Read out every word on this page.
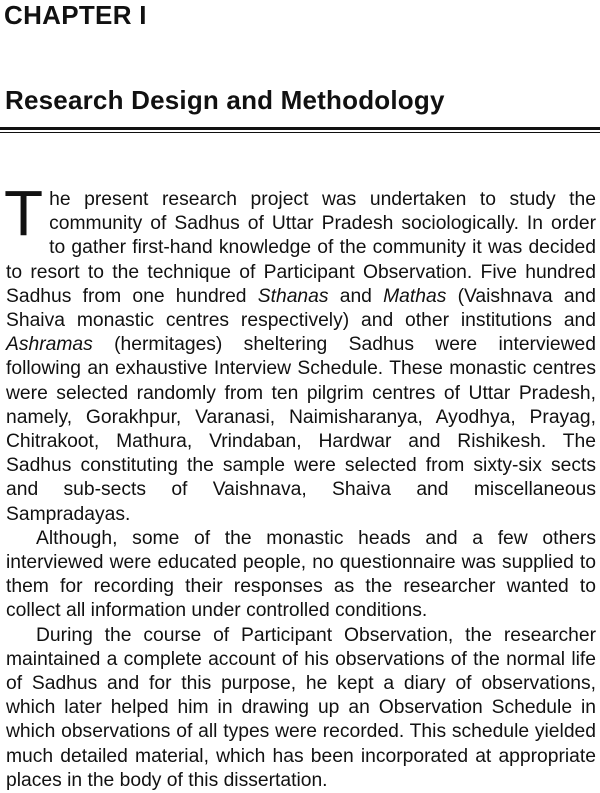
CHAPTER I
Research Design and Methodology

The present research project was undertaken to study the community of Sadhus of Uttar Pradesh sociologically. In order to gather first-hand knowledge of the community it was decided to resort to the technique of Participant Observation. Five hundred Sadhus from one hundred Sthanas and Mathas (Vaishnava and Shaiva monastic centres respectively) and other institutions and Ashramas (hermitages) sheltering Sadhus were interviewed following an exhaustive Interview Schedule. These monastic centres were selected randomly from ten pilgrim centres of Uttar Pradesh, namely, Gorakhpur, Varanasi, Naimisharanya, Ayodhya, Prayag, Chitrakoot, Mathura, Vrindaban, Hardwar and Rishikesh. The Sadhus constituting the sample were selected from sixty-six sects and sub-sects of Vaishnava, Shaiva and miscellaneous Sampradayas.

Although, some of the monastic heads and a few others interviewed were educated people, no questionnaire was supplied to them for recording their responses as the researcher wanted to collect all information under controlled conditions.

During the course of Participant Observation, the researcher maintained a complete account of his observations of the normal life of Sadhus and for this purpose, he kept a diary of observations, which later helped him in drawing up an Observation Schedule in which observations of all types were recorded. This schedule yielded much detailed material, which has been incorporated at appropriate places in the body of this dissertation.
